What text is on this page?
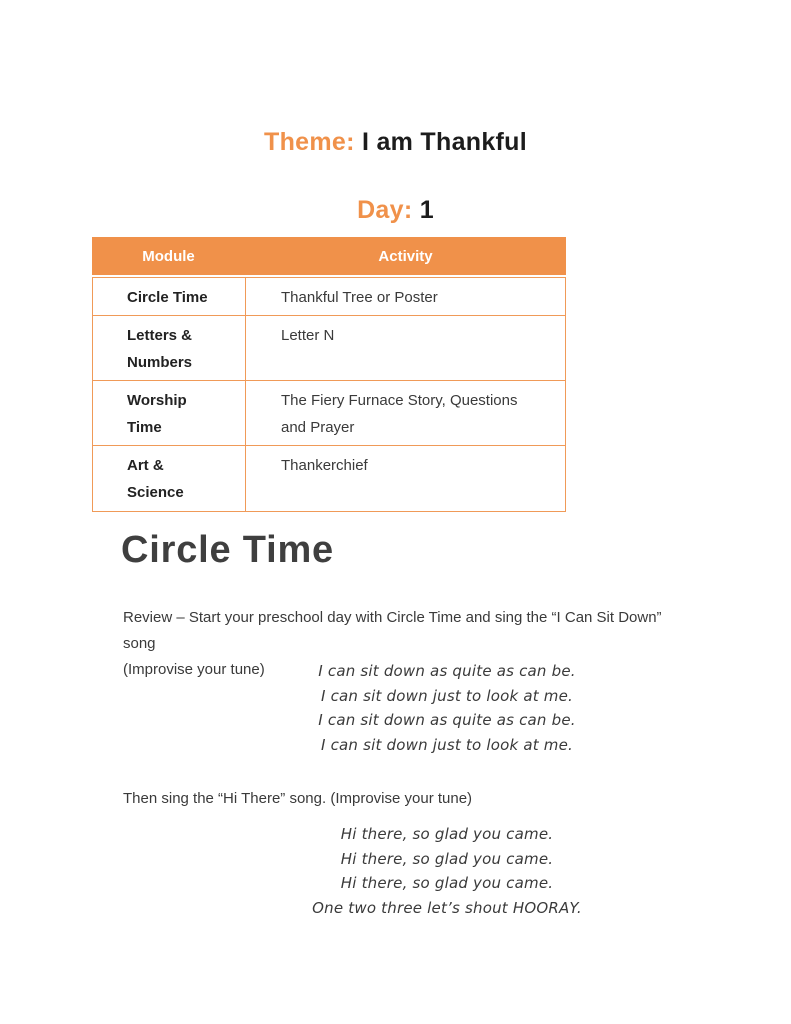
Theme: I am Thankful
Day: 1
Module	Activity
Circle Time	Thankful Tree or Poster
Letters & Numbers	Letter N
Worship Time	The Fiery Furnace Story, Questions and Prayer
Art & Science	Thankerchief
Circle Time
Review – Start your preschool day with Circle Time and sing the “I Can Sit Down” song
(Improvise your tune)	I can sit down as quite as can be.
I can sit down just to look at me.
I can sit down as quite as can be.
I can sit down just to look at me.
Then sing the “Hi There” song. (Improvise your tune)
Hi there, so glad you came.
Hi there, so glad you came.
Hi there, so glad you came.
One two three let’s shout HOORAY.
